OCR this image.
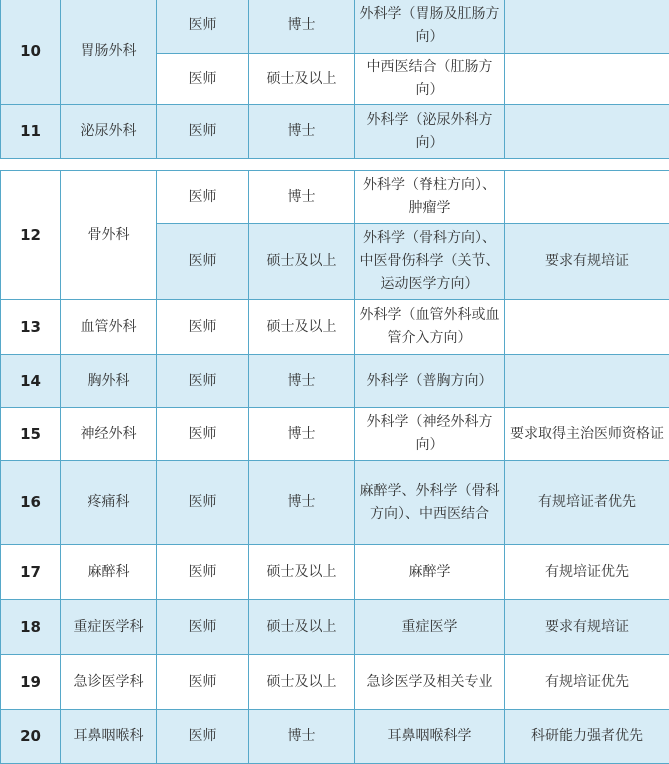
10	胃肠外科	医师	博士	外科学（胃肠及肛肠方向）	
		医师	硕士及以上	中西医结合（肛肠方向）	
11	泌尿外科	医师	博士	外科学（泌尿外科方向）	
12	骨外科	医师	博士	外科学（脊柱方向）、肿瘤学	
		医师	硕士及以上	外科学（骨科方向）、中医骨伤科学（关节、运动医学方向）	要求有规培证
13	血管外科	医师	硕士及以上	外科学（血管外科或血管介入方向）	
14	胸外科	医师	博士	外科学（普胸方向）	
15	神经外科	医师	博士	外科学（神经外科方向）	要求取得主治医师资格证
16	疼痛科	医师	博士	麻醉学、外科学（骨科方向）、中西医结合	有规培证者优先
17	麻醉科	医师	硕士及以上	麻醉学	有规培证优先
18	重症医学科	医师	硕士及以上	重症医学	要求有规培证
19	急诊医学科	医师	硕士及以上	急诊医学及相关专业	有规培证优先
20	耳鼻咽喉科	医师	博士	耳鼻咽喉科学	科研能力强者优先
